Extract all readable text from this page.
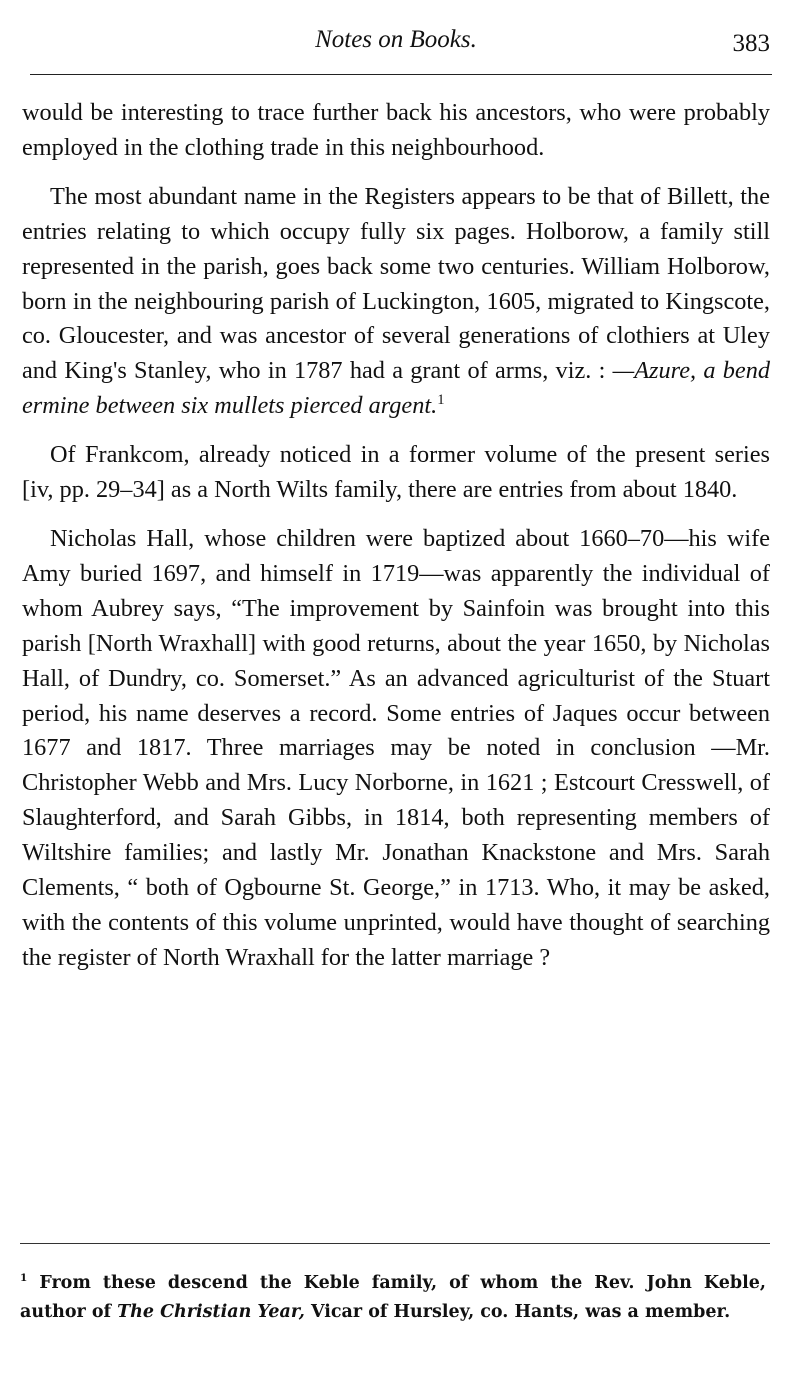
Notes on Books.	383

would be interesting to trace further back his ancestors, who were probably employed in the clothing trade in this neighbourhood.

The most abundant name in the Registers appears to be that of Billett, the entries relating to which occupy fully six pages. Holborow, a family still represented in the parish, goes back some two centuries. William Holborow, born in the neighbouring parish of Luckington, 1605, migrated to Kingscote, co. Gloucester, and was ancestor of several generations of clothiers at Uley and King's Stanley, who in 1787 had a grant of arms, viz. : —Azure, a bend ermine between six mullets pierced argent.$^1$

Of Frankcom, already noticed in a former volume of the present series [iv, pp. 29–34] as a North Wilts family, there are entries from about 1840.

Nicholas Hall, whose children were baptized about 1660–70—his wife Amy buried 1697, and himself in 1719—was apparently the individual of whom Aubrey says, “The improvement by Sainfoin was brought into this parish [North Wraxhall] with good returns, about the year 1650, by Nicholas Hall, of Dundry, co. Somerset.” As an advanced agriculturist of the Stuart period, his name deserves a record. Some entries of Jaques occur between 1677 and 1817. Three marriages may be noted in conclusion —Mr. Christopher Webb and Mrs. Lucy Norborne, in 1621 ; Estcourt Cresswell, of Slaughterford, and Sarah Gibbs, in 1814, both representing members of Wiltshire families; and lastly Mr. Jonathan Knackstone and Mrs. Sarah Clements, “ both of Ogbourne St. George,” in 1713. Who, it may be asked, with the contents of this volume unprinted, would have thought of searching the register of North Wraxhall for the latter marriage ?

$^1$ From these descend the Keble family, of whom the Rev. John Keble, author of The Christian Year, Vicar of Hursley, co. Hants, was a member.
